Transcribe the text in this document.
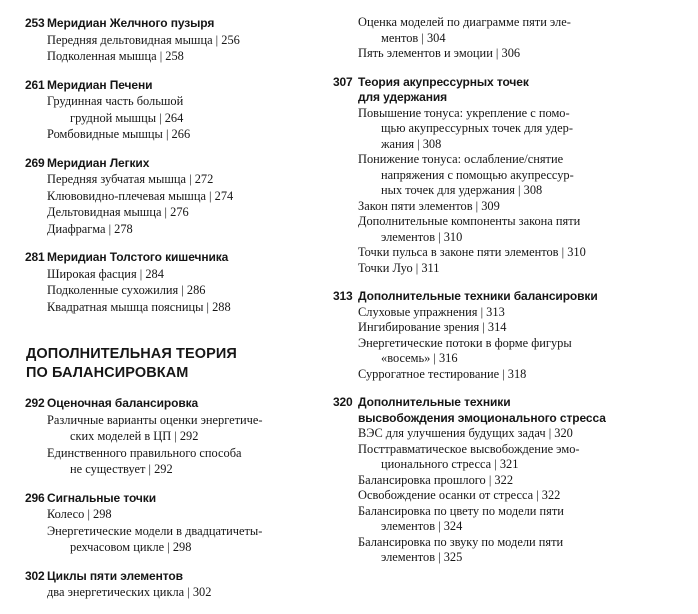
253 Меридиан Желчного пузыря
Передняя дельтовидная мышца | 256
Подколенная мышца | 258
261 Меридиан Печени
Грудинная часть большой
грудной мышцы | 264
Ромбовидные мышцы | 266
269 Меридиан Легких
Передняя зубчатая мышца | 272
Клювовидно-плечевая мышца | 274
Дельтовидная мышца | 276
Диафрагма | 278
281 Меридиан Толстого кишечника
Широкая фасция | 284
Подколенные сухожилия | 286
Квадратная мышца поясницы | 288
ДОПОЛНИТЕЛЬНАЯ ТЕОРИЯ
ПО БАЛАНСИРОВКАМ
292 Оценочная балансировка
Различные варианты оценки энергетиче-
ских моделей в ЦП | 292
Единственного правильного способа
не существует | 292
296 Сигнальные точки
Колесо | 298
Энергетические модели в двадцатичеты-
рехчасовом цикле | 298
302 Циклы пяти элементов
два энергетических цикла | 302
Оценка моделей по диаграмме пяти эле-
ментов | 304
Пять элементов и эмоции | 306
307 Теория акупрессурных точек
для удержания
Повышение тонуса: укрепление с помо-
щью акупрессурных точек для удер-
жания | 308
Понижение тонуса: ослабление/снятие
напряжения с помощью акупрессур-
ных точек для удержания | 308
Закон пяти элементов | 309
Дополнительные компоненты закона пяти
элементов | 310
Точки пульса в законе пяти элементов | 310
Точки Луо | 311
313 Дополнительные техники балансировки
Слуховые упражнения | 313
Ингибирование зрения | 314
Энергетические потоки в форме фигуры
«восемь» | 316
Суррогатное тестирование | 318
320 Дополнительные техники
высвобождения эмоционального стресса
ВЭС для улучшения будущих задач | 320
Посттравматическое высвобождение эмо-
ционального стресса | 321
Балансировка прошлого | 322
Освобождение осанки от стресса | 322
Балансировка по цвету по модели пяти
элементов | 324
Балансировка по звуку по модели пяти
элементов | 325
